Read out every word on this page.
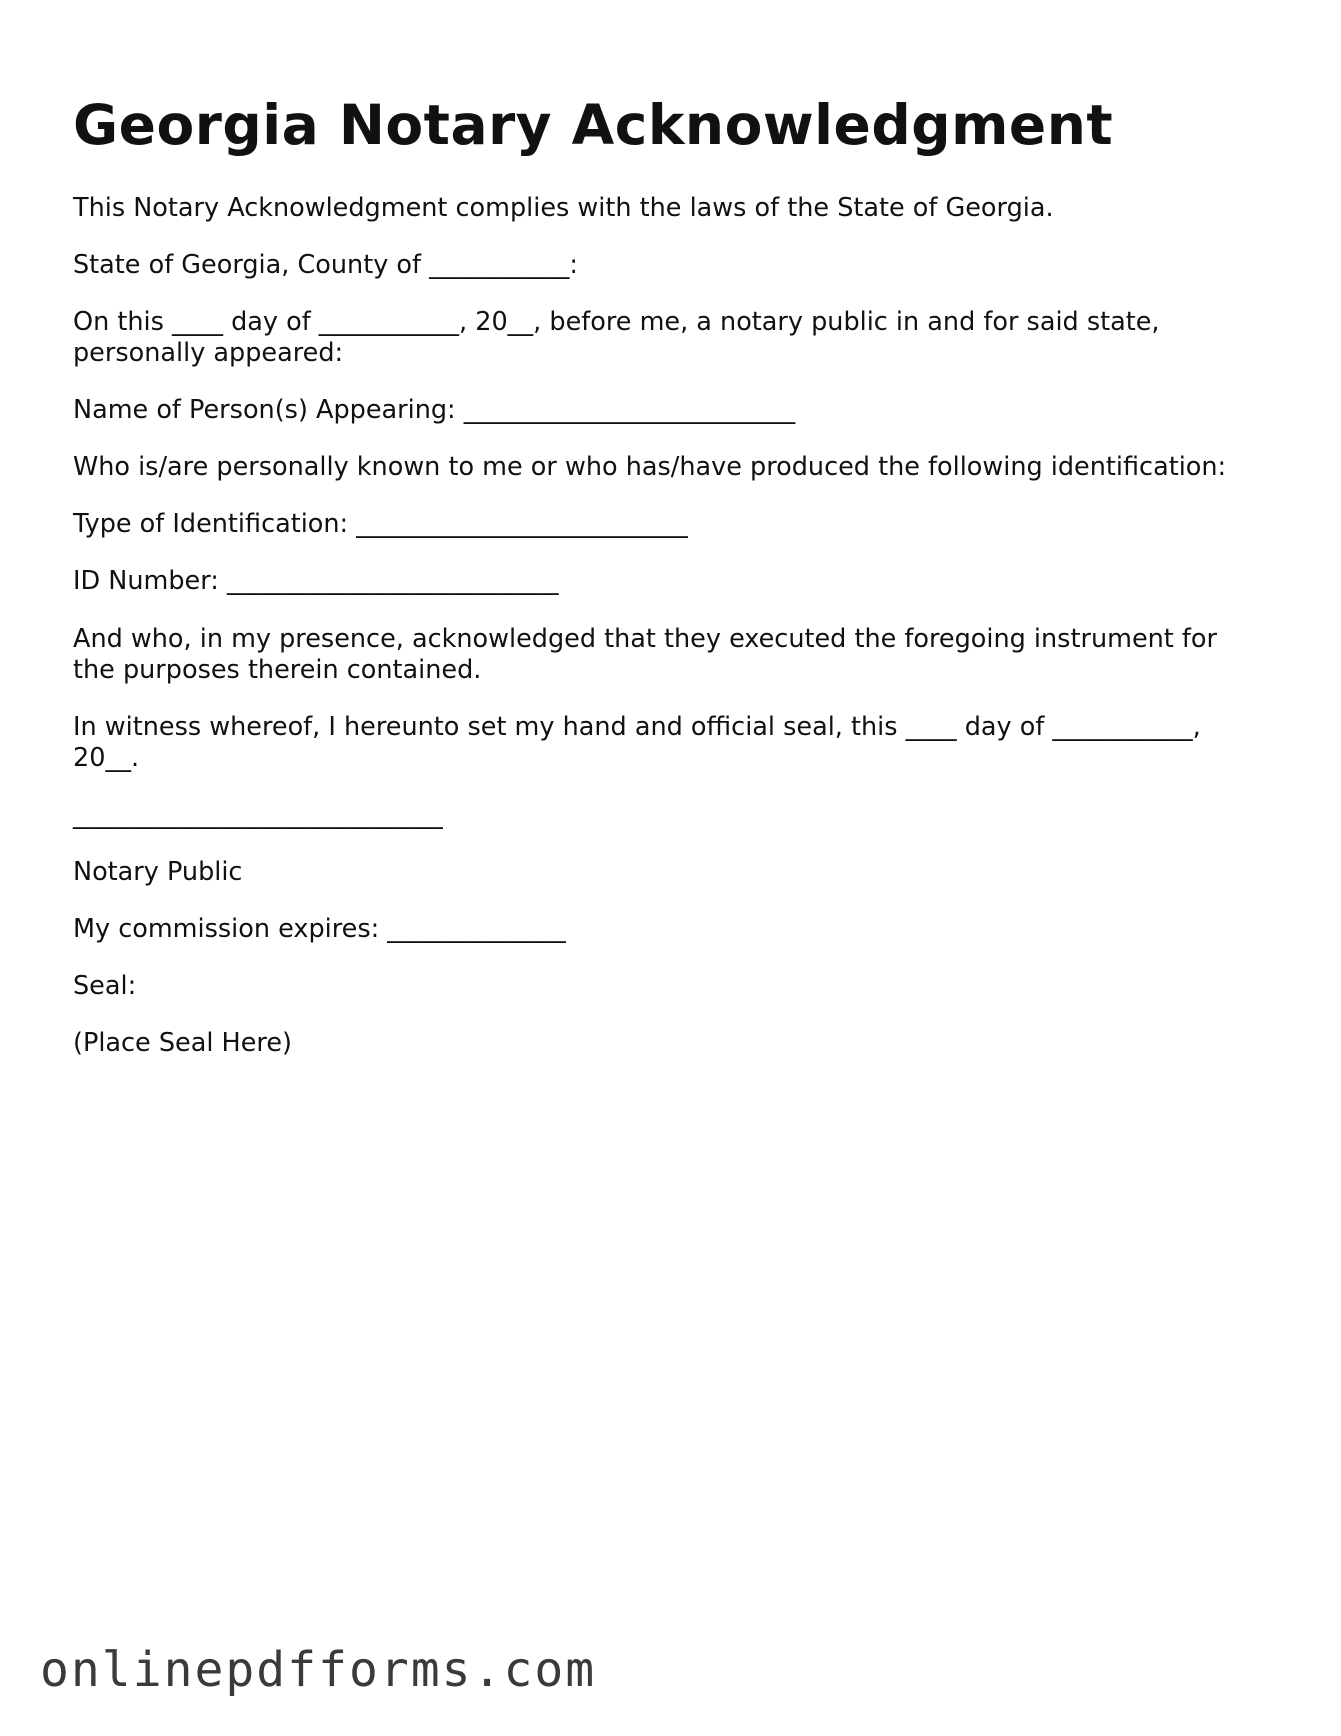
Georgia Notary Acknowledgment

This Notary Acknowledgment complies with the laws of the State of Georgia.

State of Georgia, County of ___________:

On this ____ day of ___________, 20__, before me, a notary public in and for said state,

personally appeared:

Name of Person(s) Appearing: __________________________

Who is/are personally known to me or who has/have produced the following identification:

Type of Identification: __________________________

ID Number: __________________________

And who, in my presence, acknowledged that they executed the foregoing instrument for

the purposes therein contained.

In witness whereof, I hereunto set my hand and official seal, this ____ day of ___________,

20__.

_____________________________

Notary Public

My commission expires: ______________

Seal:

(Place Seal Here)

onlinepdfforms.com
